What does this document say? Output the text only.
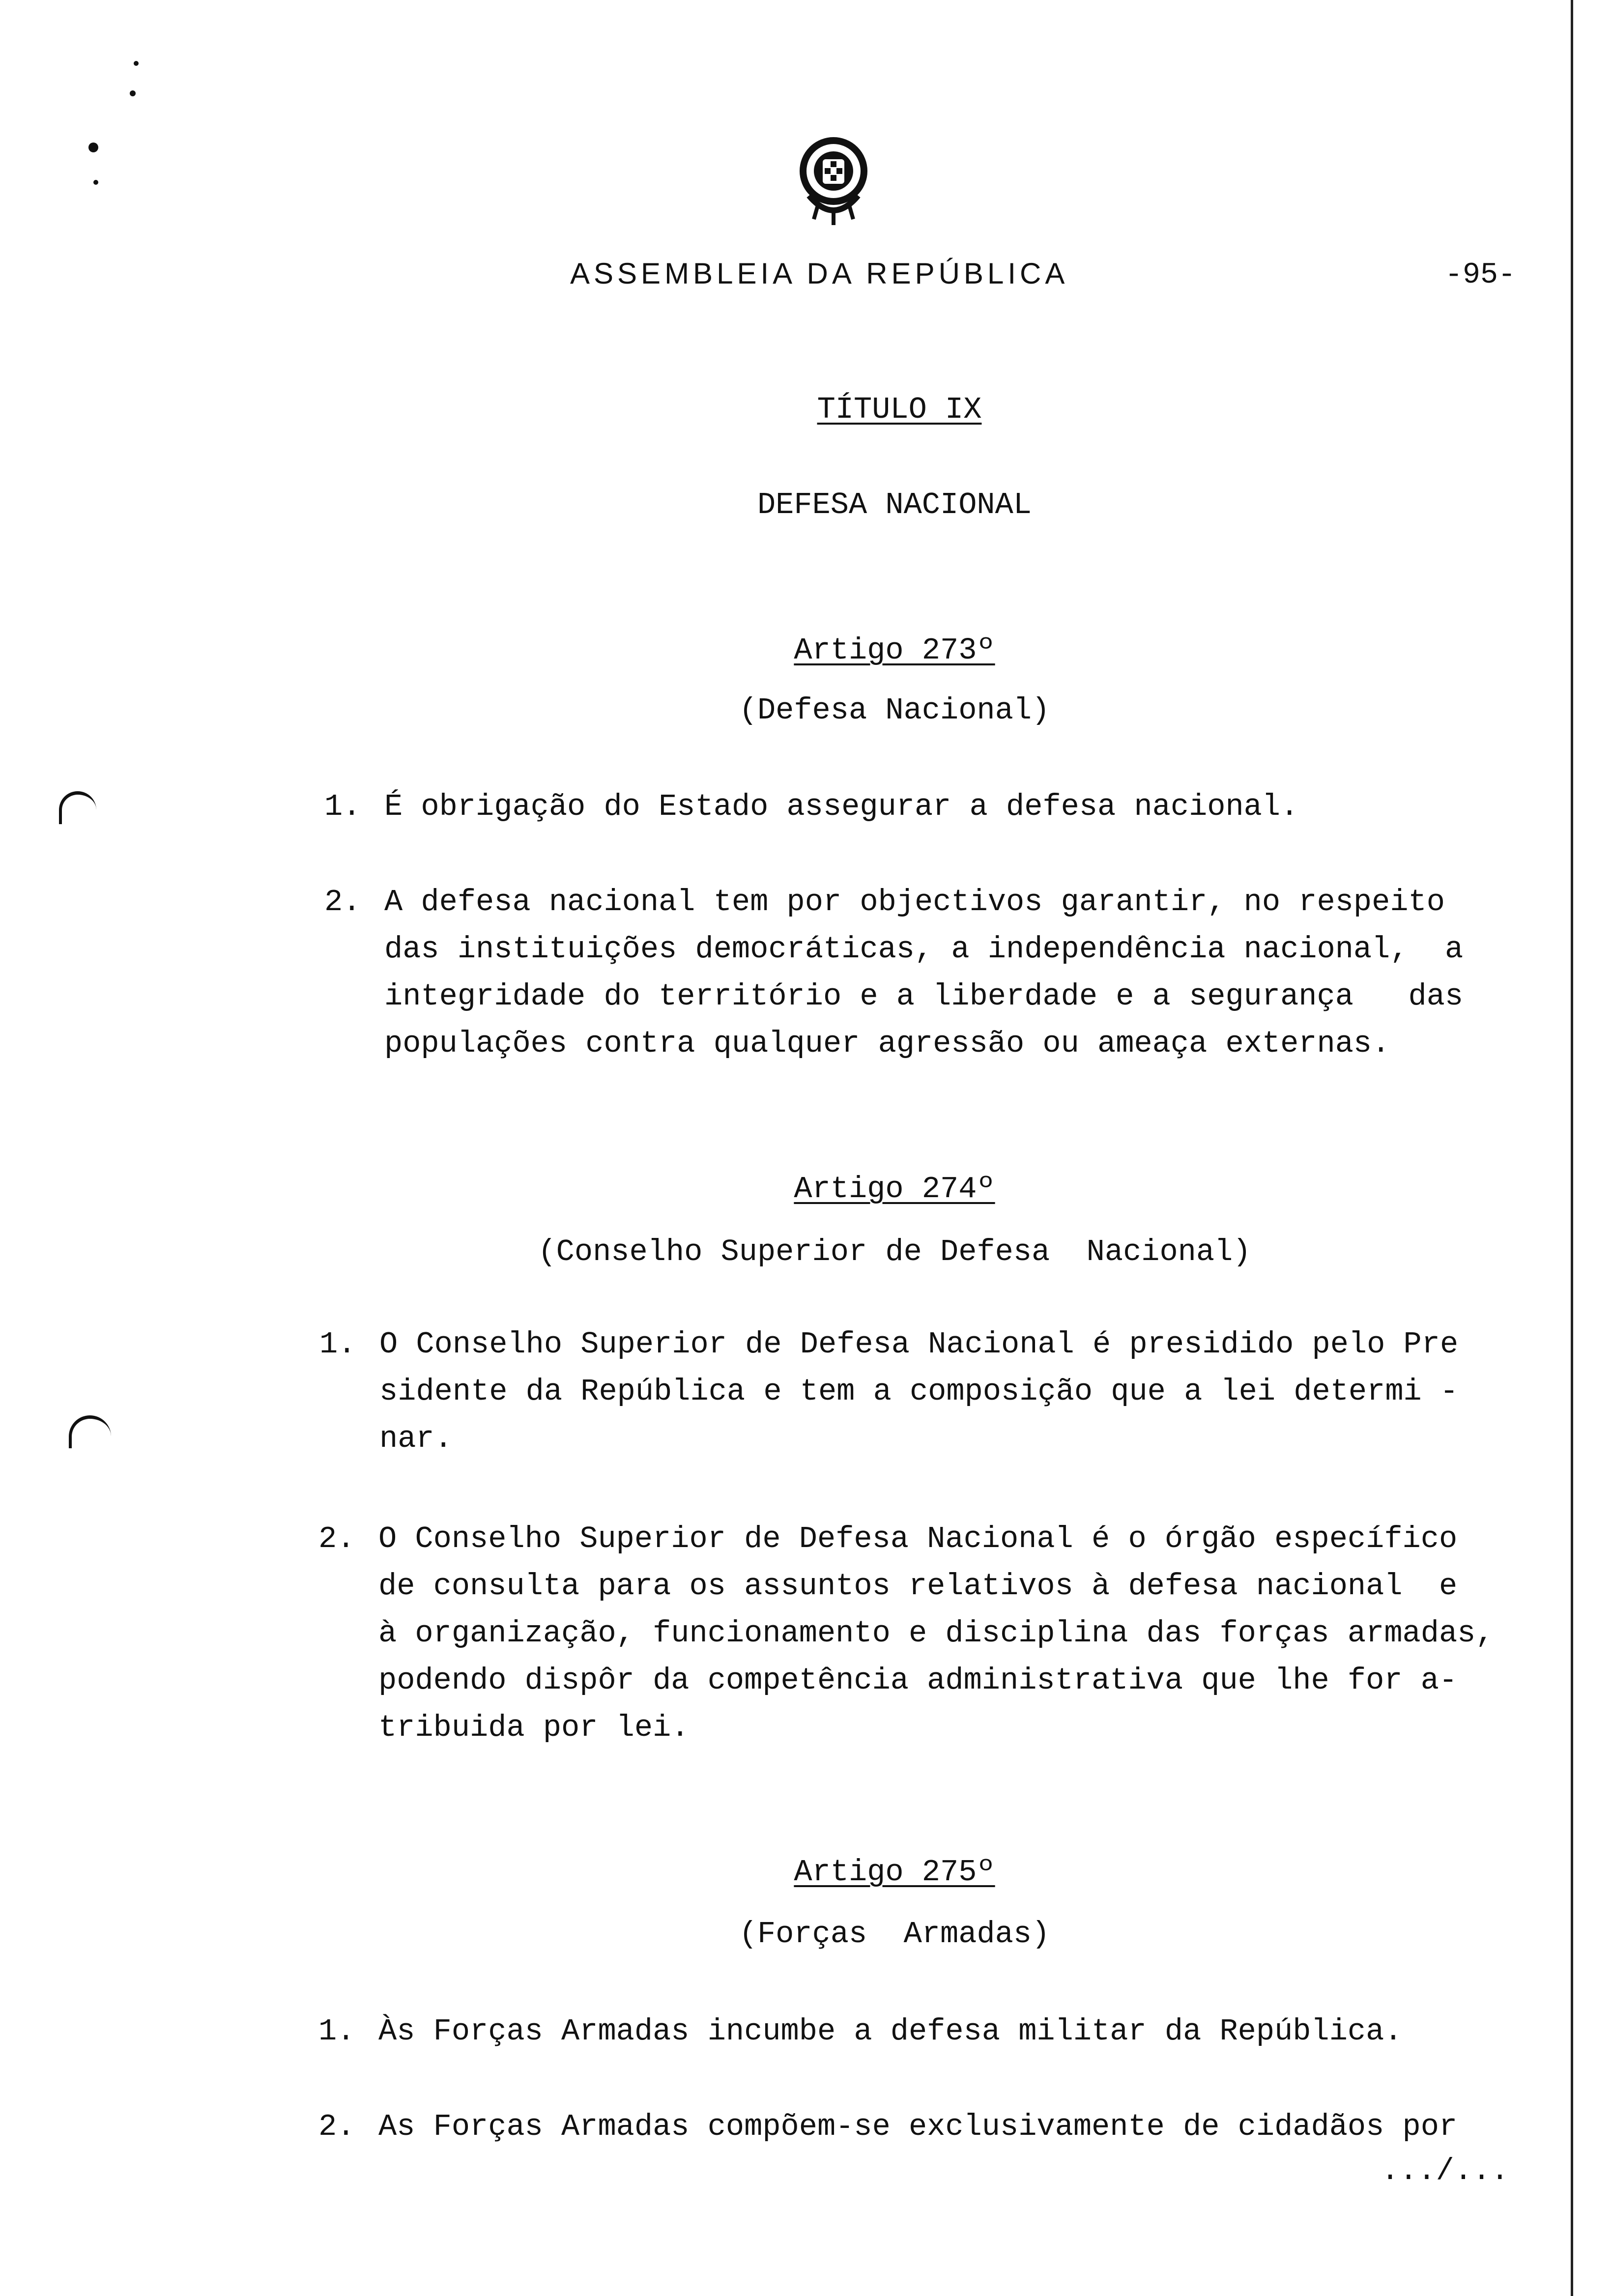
ASSEMBLEIA DA REPÚBLICA	-95-
TÍTULO IX
DEFESA NACIONAL
Artigo 273º
(Defesa Nacional)

1.

É obrigação do Estado assegurar a defesa nacional.

2.

A defesa nacional tem por objectivos garantir, no respeito

das instituições democráticas, a independência nacional,  a

integridade do território e a liberdade e a segurança   das

populações contra qualquer agressão ou ameaça externas.

Artigo 274º
(Conselho Superior de Defesa  Nacional)

1.

O Conselho Superior de Defesa Nacional é presidido pelo Pre

sidente da República e tem a composição que a lei determi -

nar.

2.

O Conselho Superior de Defesa Nacional é o órgão específico

de consulta para os assuntos relativos à defesa nacional  e

à organização, funcionamento e disciplina das forças armadas,

podendo dispôr da competência administrativa que lhe for a-

tribuida por lei.

Artigo 275º
(Forças  Armadas)

1.

Às Forças Armadas incumbe a defesa militar da República.

2.

As Forças Armadas compõem-se exclusivamente de cidadãos por

.../...
